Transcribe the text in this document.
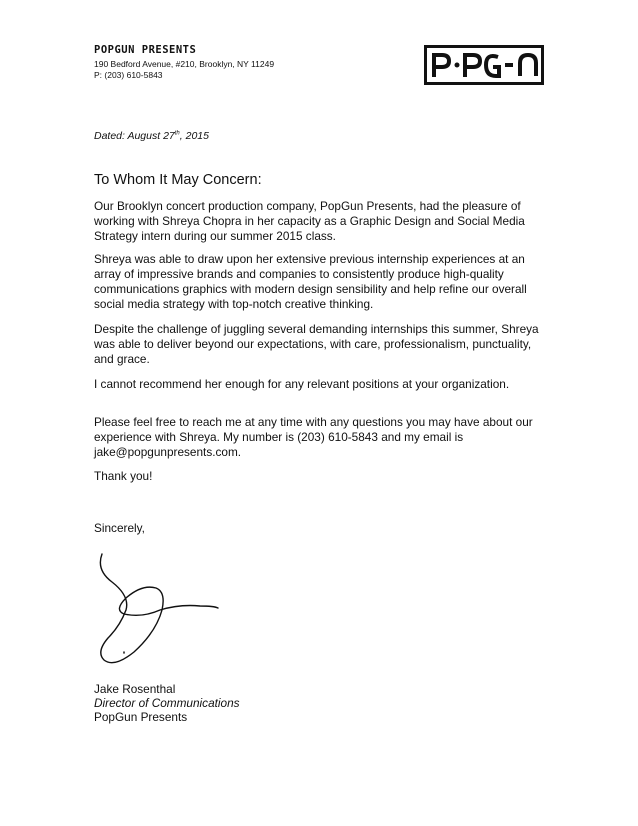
POPGUN PRESENTS
190 Bedford Avenue, #210, Brooklyn, NY 11249
P: (203) 610-5843
Dated: August 27th, 2015
To Whom It May Concern:

Our Brooklyn concert production company, PopGun Presents, had the pleasure of working with Shreya Chopra in her capacity as a Graphic Design and Social Media Strategy intern during our summer 2015 class.

Shreya was able to draw upon her extensive previous internship experiences at an array of impressive brands and companies to consistently produce high-quality communications graphics with modern design sensibility and help refine our overall social media strategy with top-notch creative thinking.

Despite the challenge of juggling several demanding internships this summer, Shreya was able to deliver beyond our expectations, with care, professionalism, punctuality, and grace.

I cannot recommend her enough for any relevant positions at your organization.

Please feel free to reach me at any time with any questions you may have about our experience with Shreya. My number is (203) 610-5843 and my email is jake@popgunpresents.com.

Thank you!

Sincerely,

Jake Rosenthal
Director of Communications
PopGun Presents
